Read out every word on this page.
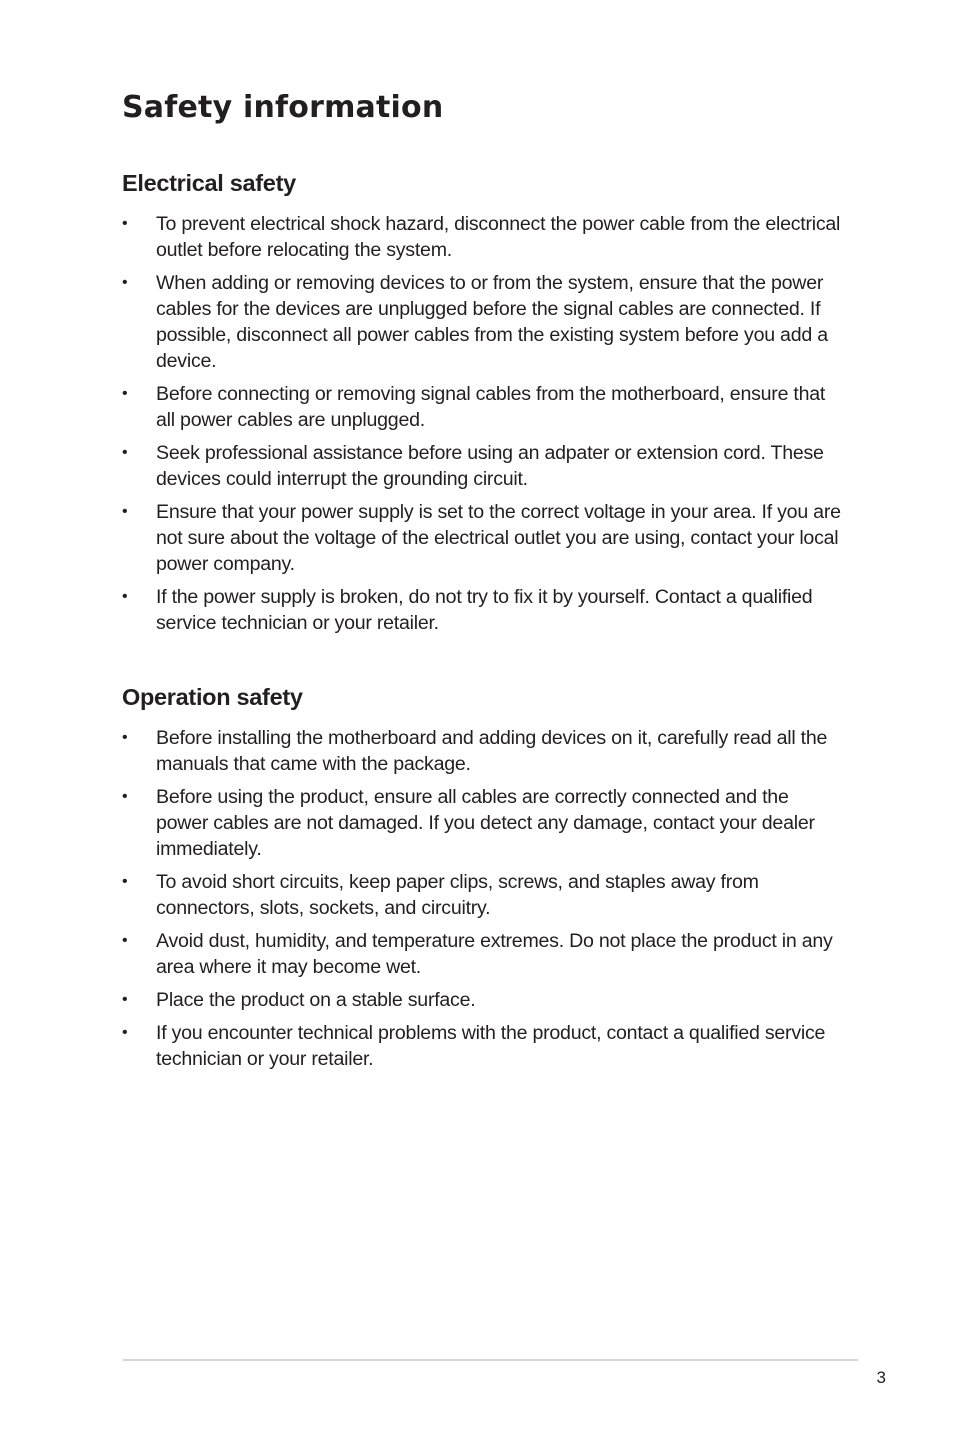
Safety information
Electrical safety
• To prevent electrical shock hazard, disconnect the power cable from the electrical outlet before relocating the system.
• When adding or removing devices to or from the system, ensure that the power cables for the devices are unplugged before the signal cables are connected. If possible, disconnect all power cables from the existing system before you add a device.
• Before connecting or removing signal cables from the motherboard, ensure that all power cables are unplugged.
• Seek professional assistance before using an adpater or extension cord. These devices could interrupt the grounding circuit.
• Ensure that your power supply is set to the correct voltage in your area. If you are not sure about the voltage of the electrical outlet you are using, contact your local power company.
• If the power supply is broken, do not try to fix it by yourself. Contact a qualified service technician or your retailer.
Operation safety
• Before installing the motherboard and adding devices on it, carefully read all the manuals that came with the package.
• Before using the product, ensure all cables are correctly connected and the power cables are not damaged. If you detect any damage, contact your dealer immediately.
• To avoid short circuits, keep paper clips, screws, and staples away from connectors, slots, sockets, and circuitry.
• Avoid dust, humidity, and temperature extremes. Do not place the product in any area where it may become wet.
• Place the product on a stable surface.
• If you encounter technical problems with the product, contact a qualified service technician or your retailer.
3
